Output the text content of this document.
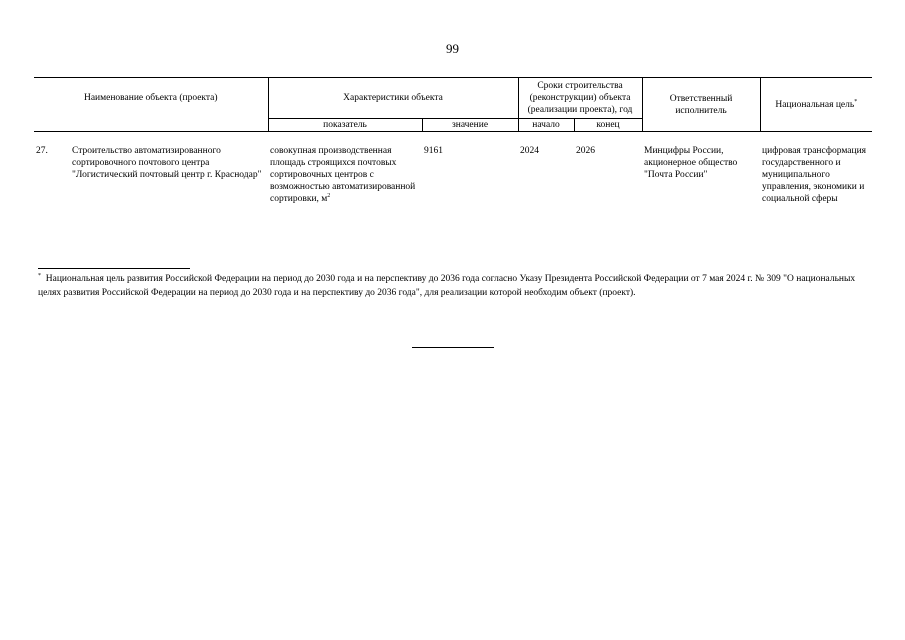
99
Наименование объекта (проекта)		Характеристики объекта		Сроки строительства (реконструкции) объекта (реализации проекта), год		Ответственный исполнитель	Национальная цель*
		показатель	значение	начало	конец		
27.	Строительство автоматизированного сортировочного почтового центра "Логистический почтовый центр г. Краснодар"	совокупная производственная площадь строящихся почтовых сортировочных центров с возможностью автоматизированной сортировки, $м^2$	9161	2024	2026	Минцифры России, акционерное общество "Почта России"	цифровая трансформация государственного и муниципального управления, экономики и социальной сферы
* Национальная цель развития Российской Федерации на период до 2030 года и на перспективу до 2036 года согласно Указу Президента Российской Федерации от 7 мая 2024 г. № 309 "О национальных целях развития Российской Федерации на период до 2030 года и на перспективу до 2036 года", для реализации которой необходим объект (проект).
